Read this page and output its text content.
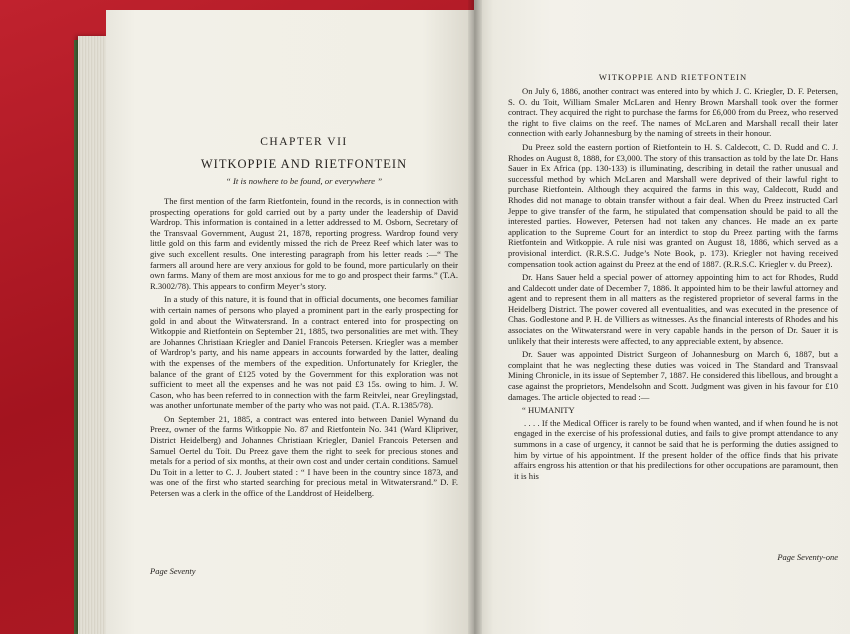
CHAPTER VII
WITKOPPIE AND RIETFONTEIN
“ It is nowhere to be found, or everywhere ”

The first mention of the farm Rietfontein, found in the records, is in connection with prospecting operations for gold carried out by a party under the leadership of David Wardrop. This information is contained in a letter addressed to M. Osborn, Secretary of the Transvaal Government, August 21, 1878, reporting progress. Wardrop found very little gold on this farm and evidently missed the rich de Preez Reef which later was to give such excellent results. One interesting paragraph from his letter reads :—“ The farmers all around here are very anxious for gold to be found, more particularly on their own farms. Many of them are most anxious for me to go and prospect their farms.” (T.A. R.3002/78). This appears to confirm Meyer’s story.

In a study of this nature, it is found that in official documents, one becomes familiar with certain names of persons who played a prominent part in the early prospecting for gold in and about the Witwatersrand. In a contract entered into for prospecting on Witkoppie and Rietfontein on September 21, 1885, two personalities are met with. They are Johannes Christiaan Kriegler and Daniel Francois Petersen. Kriegler was a member of Wardrop’s party, and his name appears in accounts forwarded by the latter, dealing with the expenses of the members of the expedition. Unfortunately for Kriegler, the balance of the grant of £125 voted by the Government for this exploration was not sufficient to meet all the expenses and he was not paid £3 15s. owing to him. J. W. Cason, who has been referred to in connection with the farm Reitvlei, near Greylingstad, was another unfortunate member of the party who was not paid. (T.A. R.1385/78).

On September 21, 1885, a contract was entered into between Daniel Wynand du Preez, owner of the farms Witkoppie No. 87 and Rietfontein No. 341 (Ward Klipriver, District Heidelberg) and Johannes Christiaan Kriegler, Daniel Francois Petersen and Samuel Oertel du Toit. Du Preez gave them the right to seek for precious stones and metals for a period of six months, at their own cost and under certain conditions. Samuel Du Toit in a letter to C. J. Joubert stated : “ I have been in the country since 1873, and was one of the first who started searching for precious metal in Witwatersrand.” D. F. Petersen was a clerk in the office of the Landdrost of Heidelberg.

Page Seventy
WITKOPPIE AND RIETFONTEIN

On July 6, 1886, another contract was entered into by which J. C. Kriegler, D. F. Petersen, S. O. du Toit, William Smaler McLaren and Henry Brown Marshall took over the former contract. They acquired the right to purchase the farms for £6,000 from du Preez, who reserved the right to five claims on the reef. The names of McLaren and Marshall recall their later connection with early Johannesburg by the naming of streets in their honour.

Du Preez sold the eastern portion of Rietfontein to H. S. Caldecott, C. D. Rudd and C. J. Rhodes on August 8, 1888, for £3,000. The story of this transaction as told by the late Dr. Hans Sauer in Ex Africa (pp. 130-133) is illuminating, describing in detail the rather unusual and successful method by which McLaren and Marshall were deprived of their lawful right to purchase Rietfontein. Although they acquired the farms in this way, Caldecott, Rudd and Rhodes did not manage to obtain transfer without a fair deal. When du Preez instructed Carl Jeppe to give transfer of the farm, he stipulated that compensation should be paid to all the interested parties. However, Petersen had not taken any chances. He made an ex parte application to the Supreme Court for an interdict to stop du Preez parting with the farms Rietfontein and Witkoppie. A rule nisi was granted on August 18, 1886, which served as a provisional interdict. (R.R.S.C. Judge’s Note Book, p. 173). Kriegler not having received compensation took action against du Preez at the end of 1887. (R.R.S.C. Kriegler v. du Preez).

Dr. Hans Sauer held a special power of attorney appointing him to act for Rhodes, Rudd and Caldecott under date of December 7, 1886. It appointed him to be their lawful attorney and agent and to represent them in all matters as the registered proprietor of several farms in the Heidelberg District. The power covered all eventualities, and was executed in the presence of Chas. Godlestone and P. H. de Villiers as witnesses. As the financial interests of Rhodes and his associates on the Witwatersrand were in very capable hands in the person of Dr. Sauer it is unlikely that their interests were affected, to any appreciable extent, by absence.

Dr. Sauer was appointed District Surgeon of Johannesburg on March 6, 1887, but a complaint that he was neglecting these duties was voiced in The Standard and Transvaal Mining Chronicle, in its issue of September 7, 1887. He considered this libellous, and brought a case against the proprietors, Mendelsohn and Scott. Judgment was given in his favour for £10 damages. The article objected to read :—

“ HUMANITY

. . . . If the Medical Officer is rarely to be found when wanted, and if when found he is not engaged in the exercise of his professional duties, and fails to give prompt attendance to any summons in a case of urgency, it cannot be said that he is performing the duties assigned to him by virtue of his appointment. If the present holder of the office finds that his private affairs engross his attention or that his predilections for other occupations are paramount, then it is his

Page Seventy-one
